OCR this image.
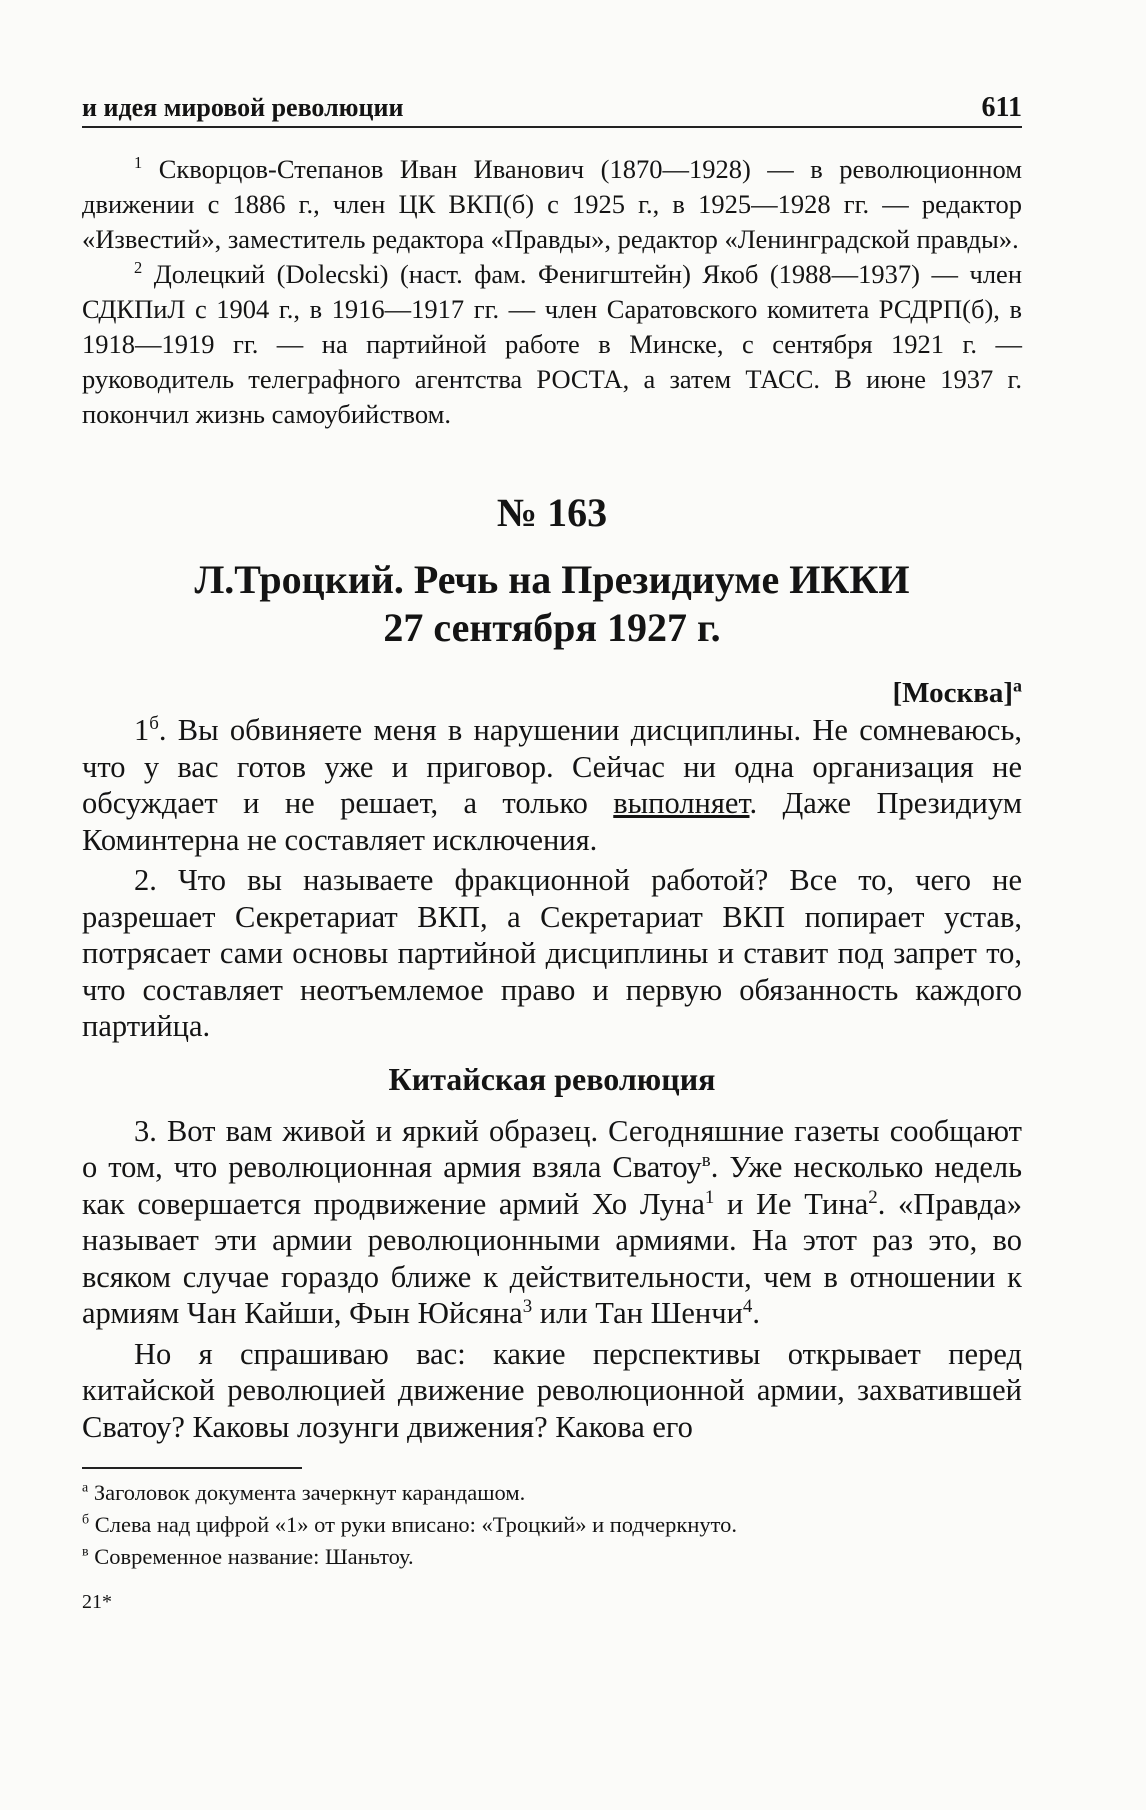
и идея мировой революции	611

$^1$ Скворцов-Степанов Иван Иванович (1870—1928) — в революционном движении с 1886 г., член ЦК ВКП(б) с 1925 г., в 1925—1928 гг. — редактор «Известий», заместитель редактора «Правды», редактор «Ленинградской правды».

$^2$ Долецкий (Dolecski) (наст. фам. Фенигштейн) Якоб (1988—1937) — член СДКПиЛ с 1904 г., в 1916—1917 гг. — член Саратовского комитета РСДРП(б), в 1918—1919 гг. — на партийной работе в Минске, с сентября 1921 г. — руководитель телеграфного агентства РОСТА, а затем ТАСС. В июне 1937 г. покончил жизнь самоубийством.

№ 163
Л.Троцкий. Речь на Президиуме ИККИ
27 сентября 1927 г.
[Москва]$^а$

$1^б$. Вы обвиняете меня в нарушении дисциплины. Не сомневаюсь, что у вас готов уже и приговор. Сейчас ни одна организация не обсуждает и не решает, а только выполняет. Даже Президиум Коминтерна не составляет исключения.

2. Что вы называете фракционной работой? Все то, чего не разрешает Секретариат ВКП, а Секретариат ВКП попирает устав, потрясает сами основы партийной дисциплины и ставит под запрет то, что составляет неотъемлемое право и первую обязанность каждого партийца.

Китайская революция

3. Вот вам живой и яркий образец. Сегодняшние газеты сообщают о том, что революционная армия взяла Сватоу$^в$. Уже несколько недель как совершается продвижение армий Хо Луна$^1$ и Ие Тина$^2$. «Правда» называет эти армии революционными армиями. На этот раз это, во всяком случае гораздо ближе к действительности, чем в отношении к армиям Чан Кайши, Фын Юйсяна$^3$ или Тан Шенчи$^4$.

Но я спрашиваю вас: какие перспективы открывает перед китайской революцией движение революционной армии, захватившей Сватоу? Каковы лозунги движения? Какова его

$^а$ Заголовок документа зачеркнут карандашом.

$^б$ Слева над цифрой «1» от руки вписано: «Троцкий» и подчеркнуто.

$^в$ Современное название: Шаньтоу.

21*
